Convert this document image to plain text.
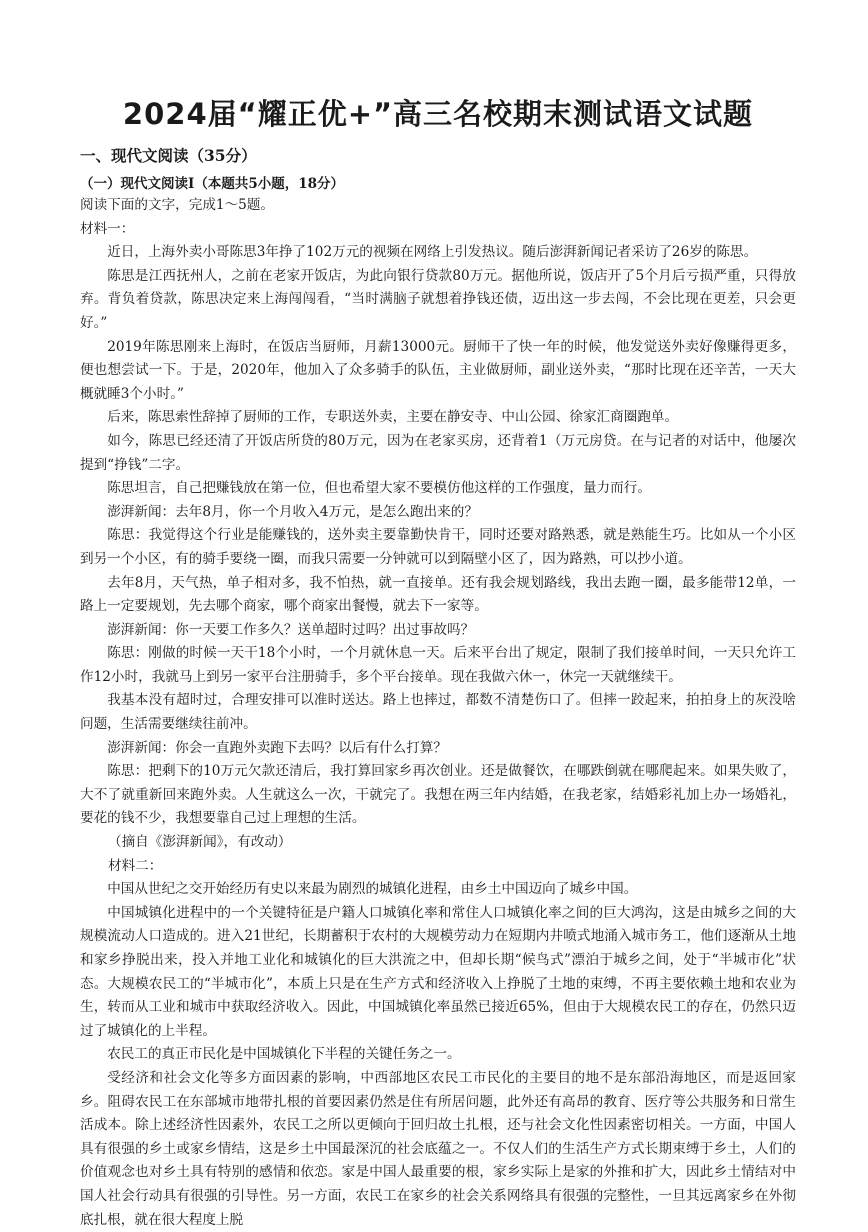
2024届“耀正优+”高三名校期末测试语文试题
一、现代文阅读（35分）
（一）现代文阅读Ⅰ（本题共5小题，18分）
阅读下面的文字，完成1～5题。
材料一：

近日，上海外卖小哥陈思3年挣了102万元的视频在网络上引发热议。随后澎湃新闻记者采访了26岁的陈思。

陈思是江西抚州人，之前在老家开饭店，为此向银行贷款80万元。据他所说，饭店开了5个月后亏损严重，只得放弃。背负着贷款，陈思决定来上海闯闯看，“当时满脑子就想着挣钱还债，迈出这一步去闯，不会比现在更差，只会更好。”

2019年陈思刚来上海时，在饭店当厨师，月薪13000元。厨师干了快一年的时候，他发觉送外卖好像赚得更多，便也想尝试一下。于是，2020年，他加入了众多骑手的队伍，主业做厨师，副业送外卖，“那时比现在还辛苦，一天大概就睡3个小时。”

后来，陈思索性辞掉了厨师的工作，专职送外卖，主要在静安寺、中山公园、徐家汇商圈跑单。

如今，陈思已经还清了开饭店所贷的80万元，因为在老家买房，还背着1（万元房贷。在与记者的对话中，他屡次提到“挣钱”二字。

陈思坦言，自己把赚钱放在第一位，但也希望大家不要模仿他这样的工作强度，量力而行。

澎湃新闻：去年8月，你一个月收入4万元，是怎么跑出来的？

陈思：我觉得这个行业是能赚钱的，送外卖主要靠勤快肯干，同时还要对路熟悉，就是熟能生巧。比如从一个小区到另一个小区，有的骑手要绕一圈，而我只需要一分钟就可以到隔壁小区了，因为路熟，可以抄小道。

去年8月，天气热，单子相对多，我不怕热，就一直接单。还有我会规划路线，我出去跑一圈，最多能带12单，一路上一定要规划，先去哪个商家，哪个商家出餐慢，就去下一家等。

澎湃新闻：你一天要工作多久？送单超时过吗？出过事故吗？

陈思：刚做的时候一天干18个小时，一个月就休息一天。后来平台出了规定，限制了我们接单时间，一天只允许工作12小时，我就马上到另一家平台注册骑手，多个平台接单。现在我做六休一，休完一天就继续干。

我基本没有超时过，合理安排可以准时送达。路上也摔过，都数不清楚伤口了。但摔一跤起来，拍拍身上的灰没啥问题，生活需要继续往前冲。

澎湃新闻：你会一直跑外卖跑下去吗？以后有什么打算？

陈思：把剩下的10万元欠款还清后，我打算回家乡再次创业。还是做餐饮，在哪跌倒就在哪爬起来。如果失败了，大不了就重新回来跑外卖。人生就这么一次，干就完了。我想在两三年内结婚，在我老家，结婚彩礼加上办一场婚礼，要花的钱不少，我想要靠自己过上理想的生活。

（摘自《澎湃新闻》，有改动）
材料二：

中国从世纪之交开始经历有史以来最为剧烈的城镇化进程，由乡土中国迈向了城乡中国。

中国城镇化进程中的一个关键特征是户籍人口城镇化率和常住人口城镇化率之间的巨大鸿沟，这是由城乡之间的大规模流动人口造成的。进入21世纪，长期蓄积于农村的大规模劳动力在短期内井喷式地涌入城市务工，他们逐渐从土地和家乡挣脱出来，投入并地工业化和城镇化的巨大洪流之中，但却长期“候鸟式”漂泊于城乡之间，处于“半城市化”状态。大规模农民工的“半城市化”，本质上只是在生产方式和经济收入上挣脱了土地的束缚，不再主要依赖土地和农业为生，转而从工业和城市中获取经济收入。因此，中国城镇化率虽然已接近65%，但由于大规模农民工的存在，仍然只迈过了城镇化的上半程。

农民工的真正市民化是中国城镇化下半程的关键任务之一。

受经济和社会文化等多方面因素的影响，中西部地区农民工市民化的主要目的地不是东部沿海地区，而是返回家乡。阻碍农民工在东部城市地带扎根的首要因素仍然是住有所居问题，此外还有高昂的教育、医疗等公共服务和日常生活成本。除上述经济性因素外，农民工之所以更倾向于回归故土扎根，还与社会文化性因素密切相关。一方面，中国人具有很强的乡土或家乡情结，这是乡土中国最深沉的社会底蕴之一。不仅人们的生活生产方式长期束缚于乡土，人们的价值观念也对乡土具有特别的感情和依恋。家是中国人最重要的根，家乡实际上是家的外推和扩大，因此乡土情结对中国人社会行动具有很强的引导性。另一方面，农民工在家乡的社会关系网络具有很强的完整性，一旦其远离家乡在外彻底扎根，就在很大程度上脱
